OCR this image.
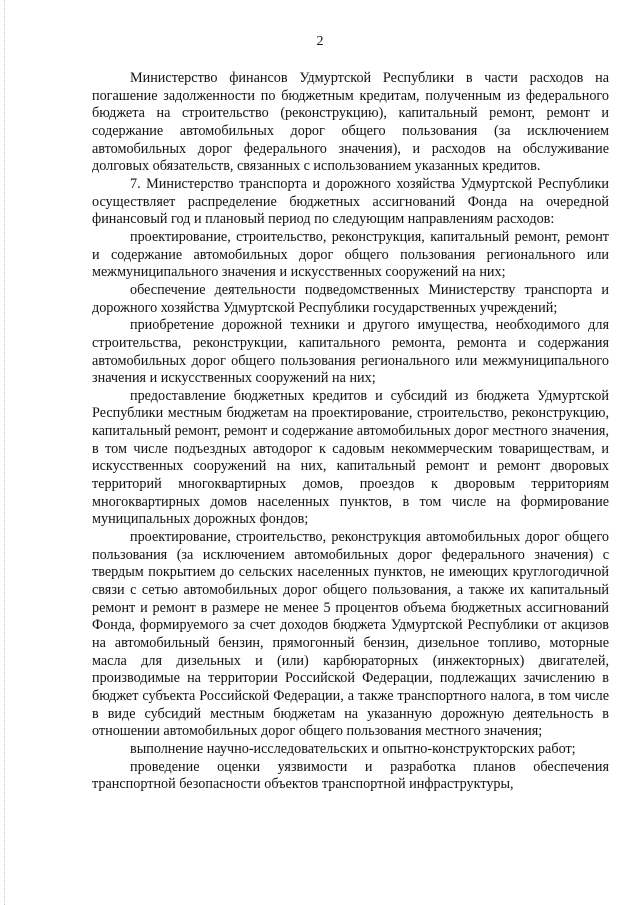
2

Министерство финансов Удмуртской Республики в части расходов на погашение задолженности по бюджетным кредитам, полученным из федерального бюджета на строительство (реконструкцию), капитальный ремонт, ремонт и содержание автомобильных дорог общего пользования (за исключением автомобильных дорог федерального значения), и расходов на обслуживание долговых обязательств, связанных с использованием указанных кредитов.

7. Министерство транспорта и дорожного хозяйства Удмуртской Республики осуществляет распределение бюджетных ассигнований Фонда на очередной финансовый год и плановый период по следующим направлениям расходов:

проектирование, строительство, реконструкция, капитальный ремонт, ремонт и содержание автомобильных дорог общего пользования регионального или межмуниципального значения и искусственных сооружений на них;

обеспечение деятельности подведомственных Министерству транспорта и дорожного хозяйства Удмуртской Республики государственных учреждений;

приобретение дорожной техники и другого имущества, необходимого для строительства, реконструкции, капитального ремонта, ремонта и содержания автомобильных дорог общего пользования регионального или межмуниципального значения и искусственных сооружений на них;

предоставление бюджетных кредитов и субсидий из бюджета Удмуртской Республики местным бюджетам на проектирование, строительство, реконструкцию, капитальный ремонт, ремонт и содержание автомобильных дорог местного значения, в том числе подъездных автодорог к садовым некоммерческим товариществам, и искусственных сооружений на них, капитальный ремонт и ремонт дворовых территорий многоквартирных домов, проездов к дворовым территориям многоквартирных домов населенных пунктов, в том числе на формирование муниципальных дорожных фондов;

проектирование, строительство, реконструкция автомобильных дорог общего пользования (за исключением автомобильных дорог федерального значения) с твердым покрытием до сельских населенных пунктов, не имеющих круглогодичной связи с сетью автомобильных дорог общего пользования, а также их капитальный ремонт и ремонт в размере не менее 5 процентов объема бюджетных ассигнований Фонда, формируемого за счет доходов бюджета Удмуртской Республики от акцизов на автомобильный бензин, прямогонный бензин, дизельное топливо, моторные масла для дизельных и (или) карбюраторных (инжекторных) двигателей, производимые на территории Российской Федерации, подлежащих зачислению в бюджет субъекта Российской Федерации, а также транспортного налога, в том числе в виде субсидий местным бюджетам на указанную дорожную деятельность в отношении автомобильных дорог общего пользования местного значения;

выполнение научно-исследовательских и опытно-конструкторских работ;

проведение оценки уязвимости и разработка планов обеспечения транспортной безопасности объектов транспортной инфраструктуры,
